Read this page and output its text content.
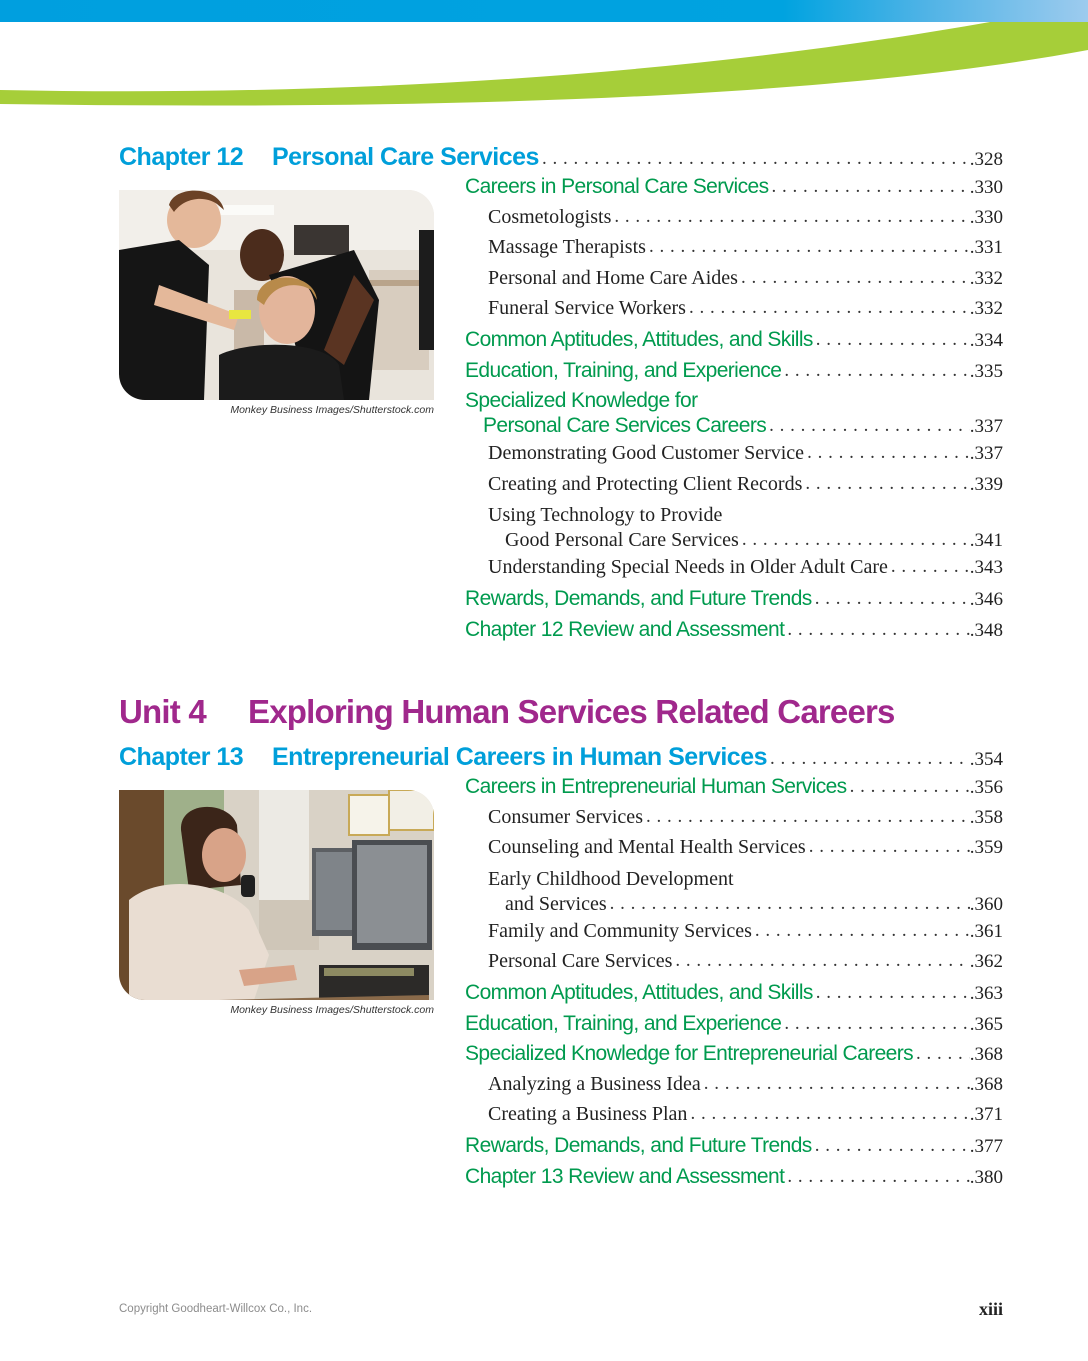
Chapter 12	Personal Care Services . . .	.328
Monkey Business Images/Shutterstock.com
Careers in Personal Care Services . . .	.330
Cosmetologists . . .	.330
Massage Therapists . . .	.331
Personal and Home Care Aides . . .	.332
Funeral Service Workers . . .	.332
Common Aptitudes, Attitudes, and Skills . . .	.334
Education, Training, and Experience . . .	.335
Specialized Knowledge for
Personal Care Services Careers . . .	.337
Demonstrating Good Customer Service . . .	.337
Creating and Protecting Client Records . . .	.339
Using Technology to Provide
Good Personal Care Services . . .	.341
Understanding Special Needs in Older Adult Care . . .	.343
Rewards, Demands, and Future Trends . . .	.346
Chapter 12 Review and Assessment . . .	.348
Unit 4	Exploring Human Services Related Careers
Chapter 13	Entrepreneurial Careers in Human Services . . .	.354
Monkey Business Images/Shutterstock.com
Careers in Entrepreneurial Human Services . . .	.356
Consumer Services . . .	.358
Counseling and Mental Health Services . . .	.359
Early Childhood Development
and Services . . .	.360
Family and Community Services . . .	.361
Personal Care Services . . .	.362
Common Aptitudes, Attitudes, and Skills . . .	.363
Education, Training, and Experience . . .	.365
Specialized Knowledge for Entrepreneurial Careers . . .	.368
Analyzing a Business Idea . . .	.368
Creating a Business Plan . . .	.371
Rewards, Demands, and Future Trends . . .	.377
Chapter 13 Review and Assessment . . .	.380
Copyright Goodheart-Willcox Co., Inc.	xiii
